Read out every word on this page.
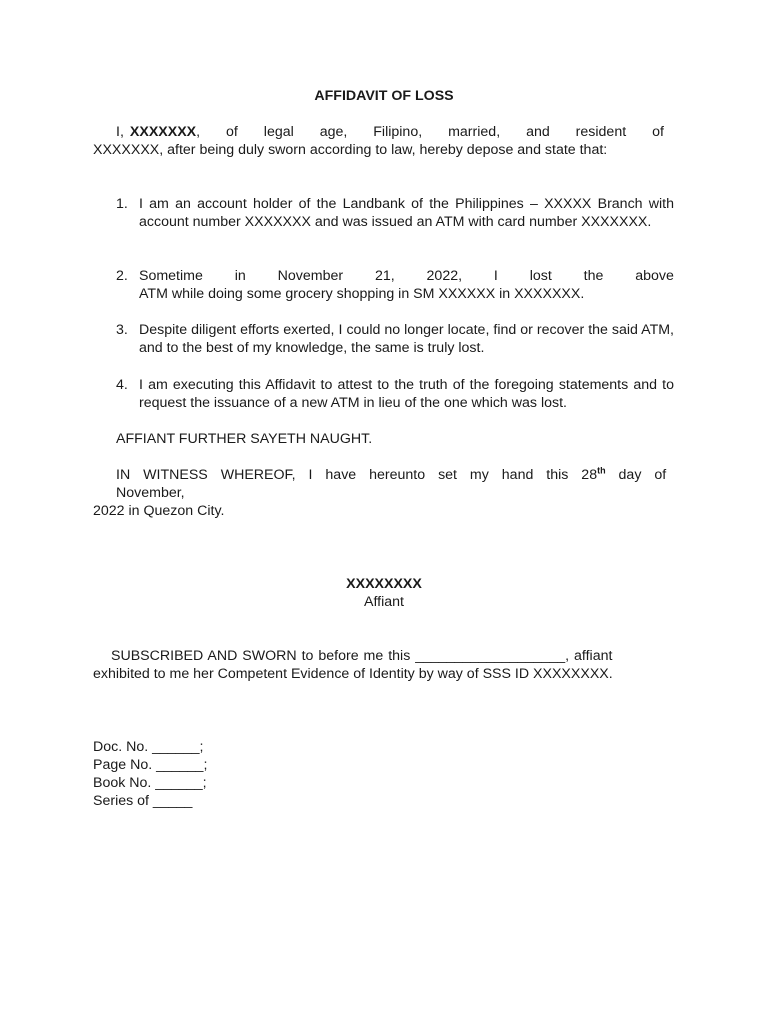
AFFIDAVIT OF LOSS
I, XXXXXXX, of legal age, Filipino, married, and resident of
XXXXXXX, after being duly sworn according to law, hereby depose and state that:
1. I am an account holder of the Landbank of the Philippines – XXXXX Branch with account number XXXXXXX and was issued an ATM with card number XXXXXXX.
2. Sometime in November 21, 2022, I lost the above
ATM while doing some grocery shopping in SM XXXXXX in XXXXXXX.
3. Despite diligent efforts exerted, I could no longer locate, find or recover the said ATM, and to the best of my knowledge, the same is truly lost.
4. I am executing this Affidavit to attest to the truth of the foregoing statements and to request the issuance of a new ATM in lieu of the one which was lost.
AFFIANT FURTHER SAYETH NAUGHT.
IN WITNESS WHEREOF, I have hereunto set my hand this 28th day of
November,
2022 in Quezon City.
XXXXXXXX
Affiant
SUBSCRIBED AND SWORN to before me this ___________________, affiant
exhibited to me her Competent Evidence of Identity by way of SSS ID XXXXXXXX.
Doc. No. ______;
Page No. ______;
Book No. ______;
Series of _____
